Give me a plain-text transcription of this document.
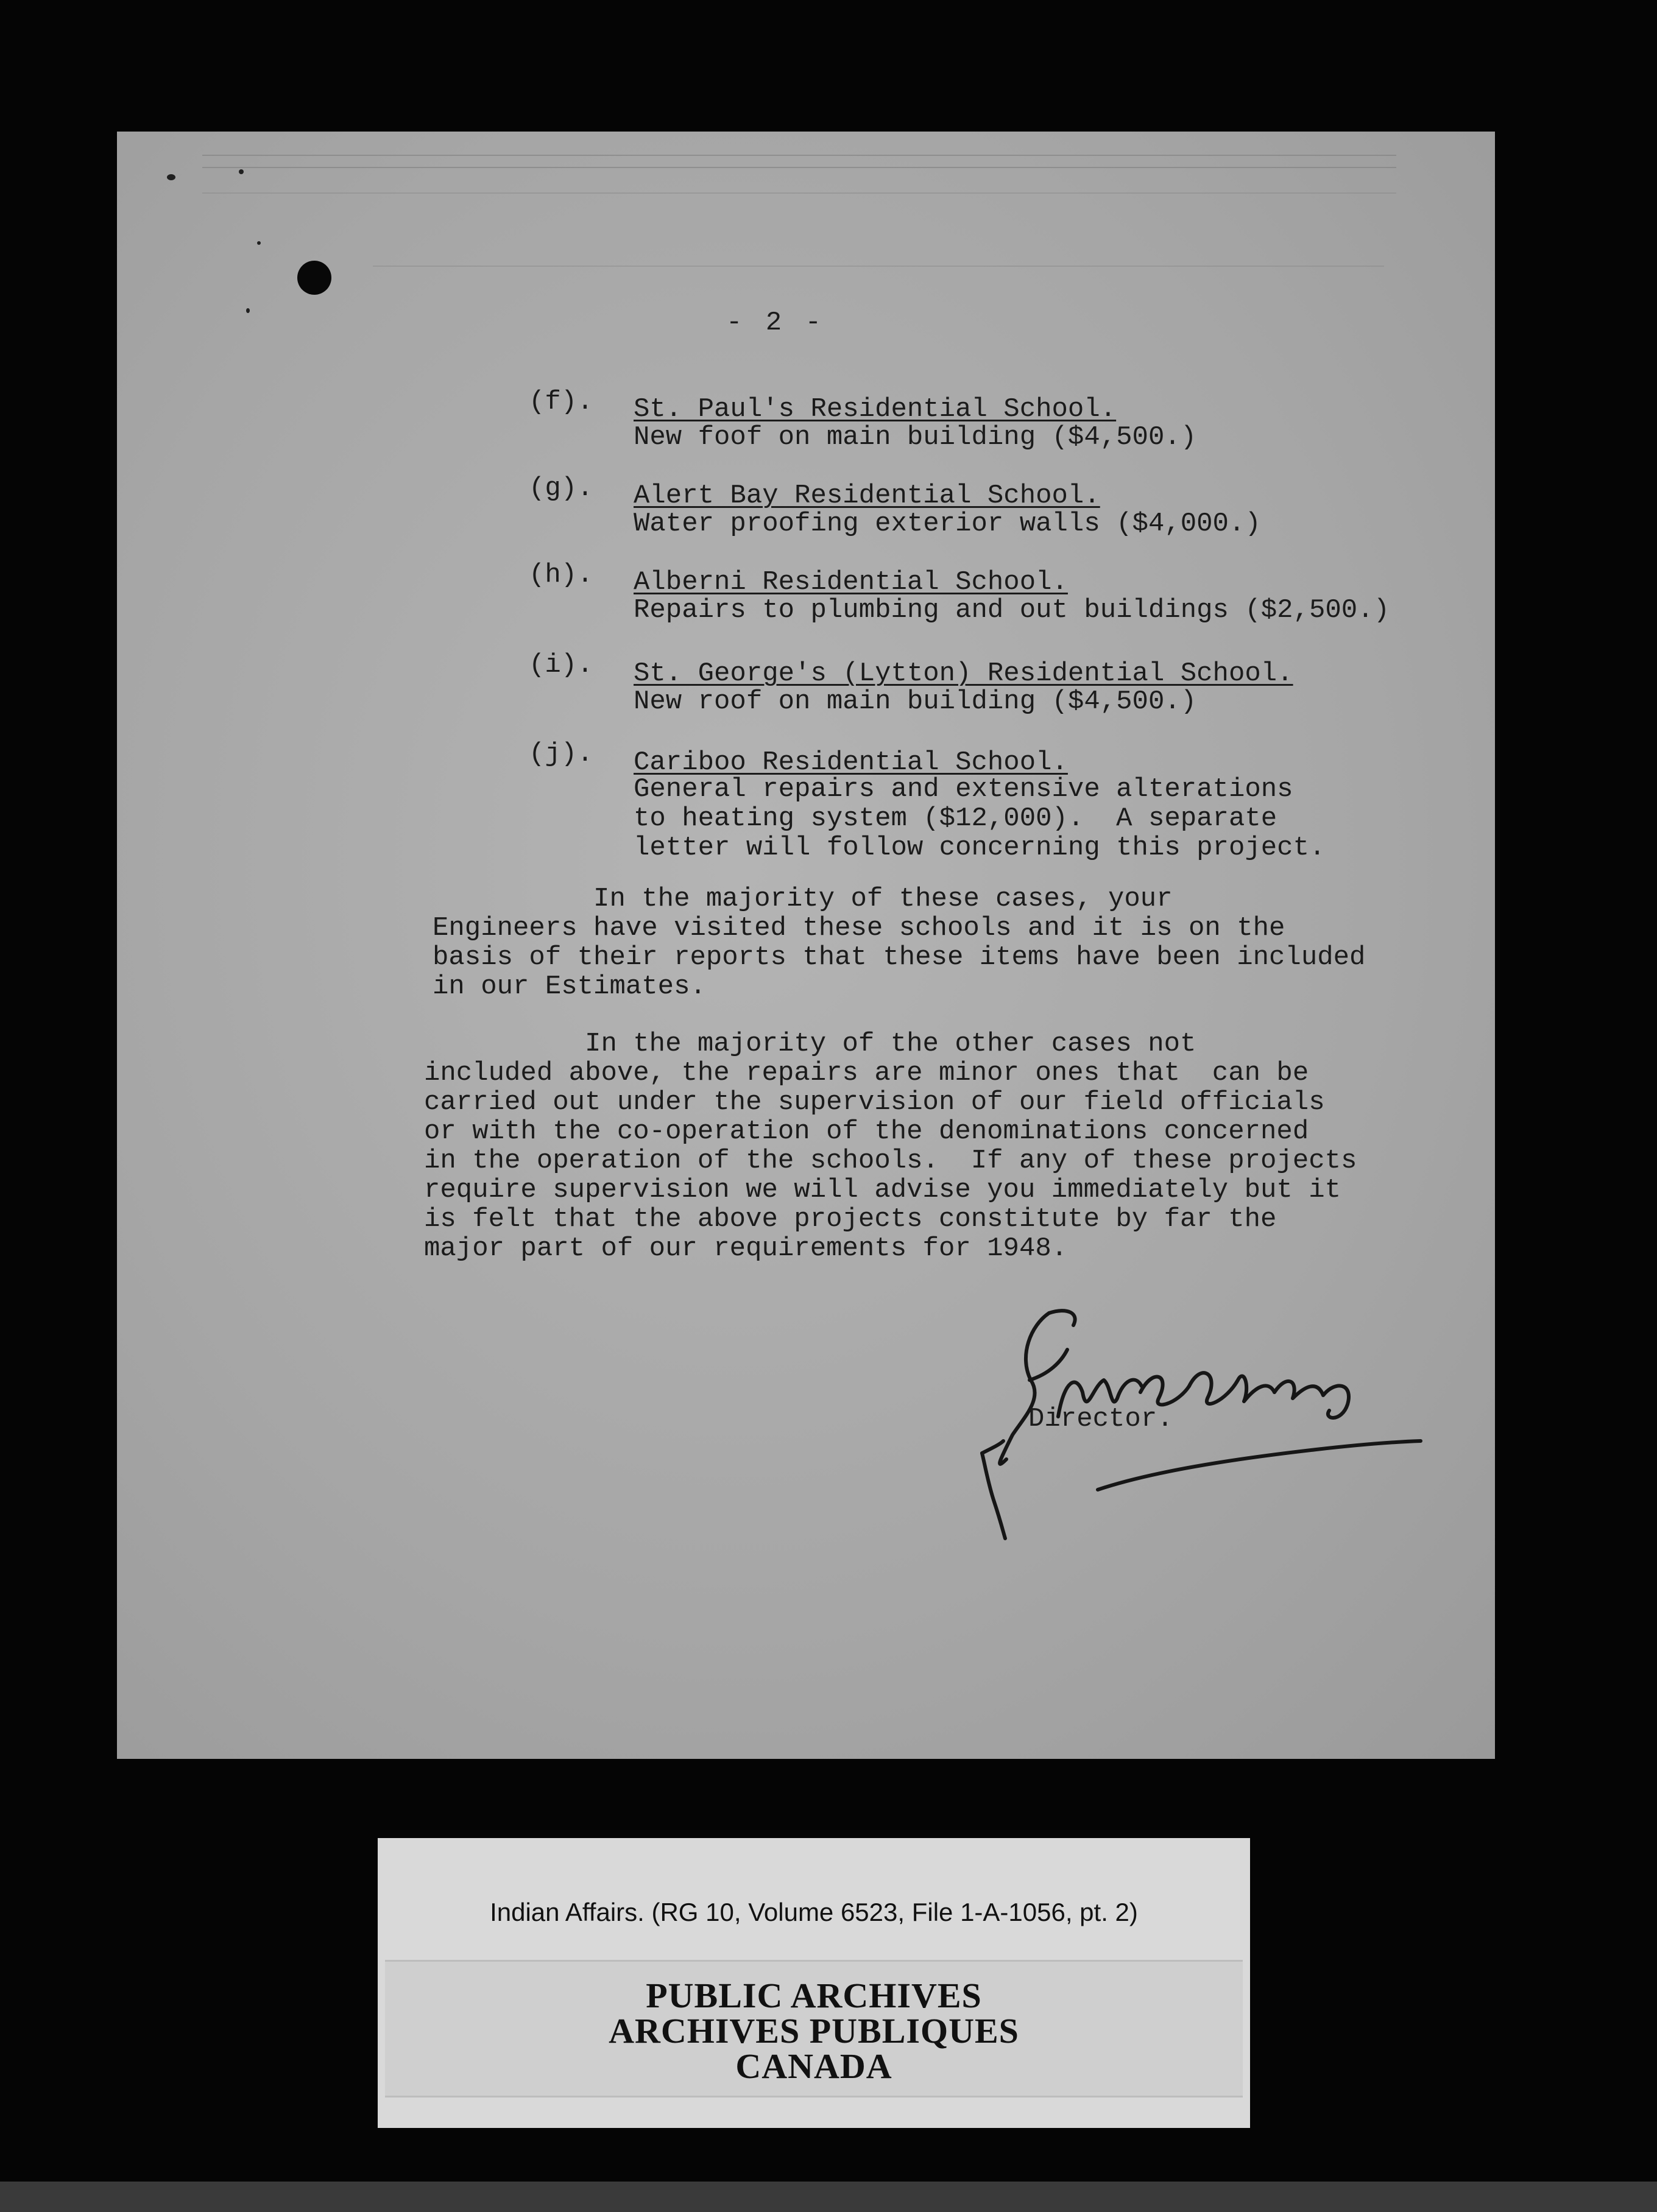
- 2 -
(f). St. Paul's Residential School.
New foof on main building ($4,500.)
(g). Alert Bay Residential School.
Water proofing exterior walls ($4,000.)
(h). Alberni Residential School.
Repairs to plumbing and out buildings ($2,500.)
(i). St. George's (Lytton) Residential School.
New roof on main building ($4,500.)
(j). Cariboo Residential School.
General repairs and extensive alterations
to heating system ($12,000).  A separate
letter will follow concerning this project.
In the majority of these cases, your
Engineers have visited these schools and it is on the
basis of their reports that these items have been included
in our Estimates.
In the majority of the other cases not
included above, the repairs are minor ones that  can be
carried out under the supervision of our field officials
or with the co-operation of the denominations concerned
in the operation of the schools.  If any of these projects
require supervision we will advise you immediately but it
is felt that the above projects constitute by far the
major part of our requirements for 1948.
Director.
Indian Affairs. (RG 10, Volume 6523, File 1-A-1056, pt. 2)
PUBLIC ARCHIVES
ARCHIVES PUBLIQUES
CANADA
